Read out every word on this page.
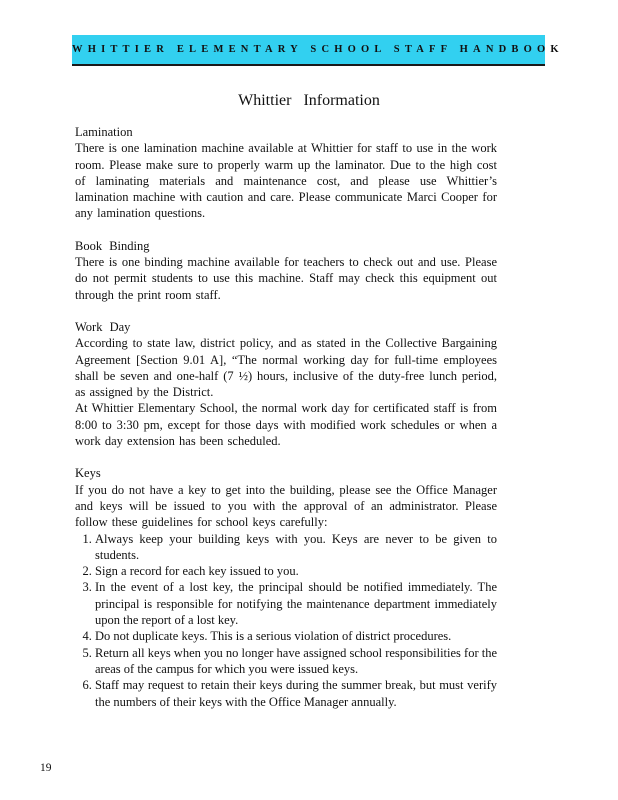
WHITTIER ELEMENTARY SCHOOL STAFF HANDBOOK
Whittier Information
Lamination
There is one lamination machine available at Whittier for staff to use in the work room. Please make sure to properly warm up the laminator. Due to the high cost of laminating materials and maintenance cost, and please use Whittier’s lamination machine with caution and care. Please communicate Marci Cooper for any lamination questions.
Book Binding
There is one binding machine available for teachers to check out and use. Please do not permit students to use this machine. Staff may check this equipment out through the print room staff.
Work Day
According to state law, district policy, and as stated in the Collective Bargaining Agreement [Section 9.01 A], “The normal working day for full-time employees shall be seven and one-half (7 ½) hours, inclusive of the duty-free lunch period, as assigned by the District.
At Whittier Elementary School, the normal work day for certificated staff is from 8:00 to 3:30 pm, except for those days with modified work schedules or when a work day extension has been scheduled.
Keys
If you do not have a key to get into the building, please see the Office Manager and keys will be issued to you with the approval of an administrator. Please follow these guidelines for school keys carefully:
1. Always keep your building keys with you. Keys are never to be given to students.
2. Sign a record for each key issued to you.
3. In the event of a lost key, the principal should be notified immediately. The principal is responsible for notifying the maintenance department immediately upon the report of a lost key.
4. Do not duplicate keys. This is a serious violation of district procedures.
5. Return all keys when you no longer have assigned school responsibilities for the areas of the campus for which you were issued keys.
6. Staff may request to retain their keys during the summer break, but must verify the numbers of their keys with the Office Manager annually.
19
